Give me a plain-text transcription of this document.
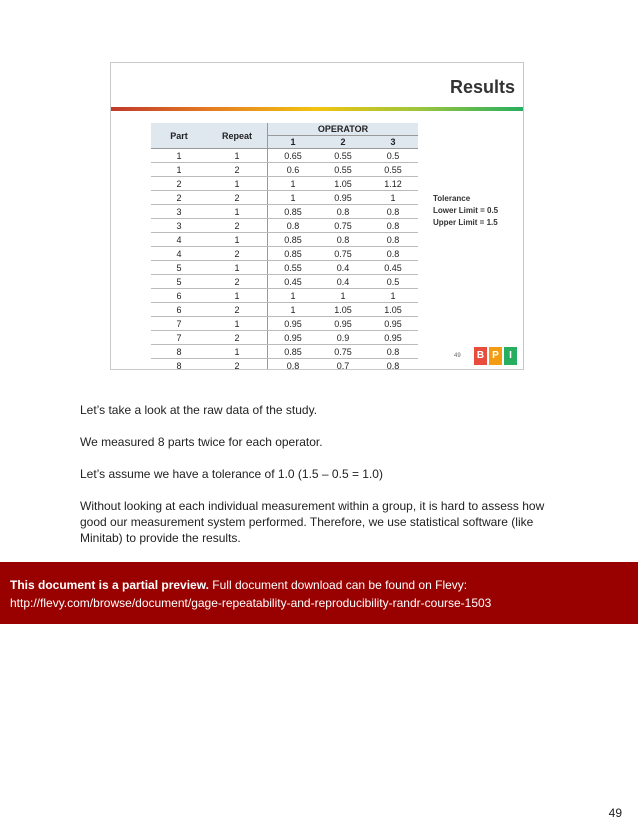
Results
Part	Repeat	OPERATOR		
		1	2	3
1	1	0.65	0.55	0.5
1	2	0.6	0.55	0.55
2	1	1	1.05	1.12
2	2	1	0.95	1
3	1	0.85	0.8	0.8
3	2	0.8	0.75	0.8
4	1	0.85	0.8	0.8
4	2	0.85	0.75	0.8
5	1	0.55	0.4	0.45
5	2	0.45	0.4	0.5
6	1	1	1	1
6	2	1	1.05	1.05
7	1	0.95	0.95	0.95
7	2	0.95	0.9	0.95
8	1	0.85	0.75	0.8
8	2	0.8	0.7	0.8
Tolerance
Lower Limit = 0.5
Upper Limit = 1.5
49 B P	I

Let’s take a look at the raw data of the study.

We measured 8 parts twice for each operator.

Let’s assume we have a tolerance of 1.0 (1.5 – 0.5 = 1.0)

Without looking at each individual measurement within a group, it is hard to assess how good our measurement system performed. Therefore, we use statistical software (like Minitab) to provide the results.

This document is a partial preview. Full document download can be found on Flevy:
http://flevy.com/browse/document/gage-repeatability-and-reproducibility-randr-course-1503
49
